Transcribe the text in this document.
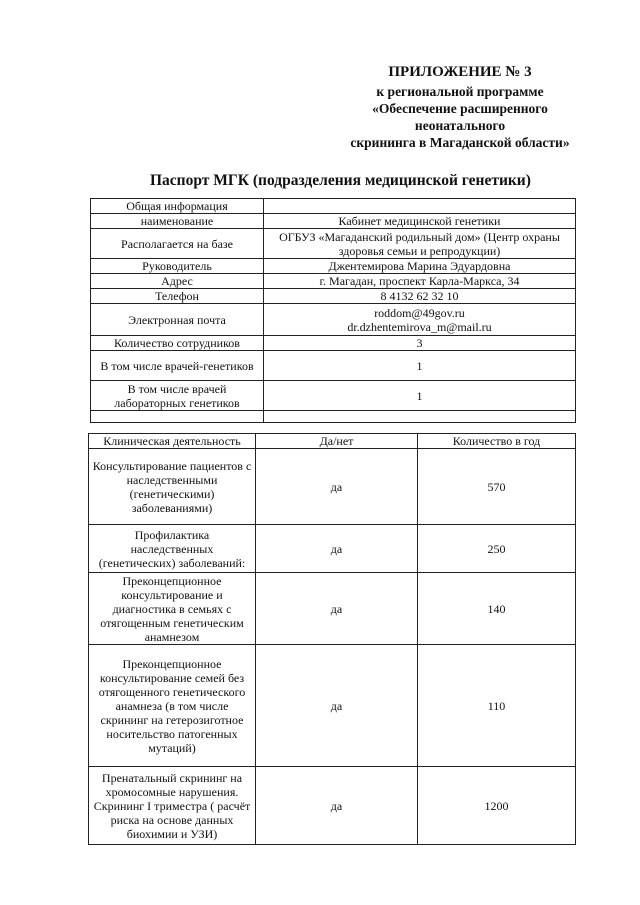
ПРИЛОЖЕНИЕ № 3
к региональной программе
«Обеспечение расширенного
неонатального
скрининга в Магаданской области»
Паспорт МГК (подразделения медицинской генетики)
Общая информация	
наименование	Кабинет медицинской генетики
Располагается на базе	ОГБУЗ «Магаданский родильный дом» (Центр охраны здоровья семьи и репродукции)
Руководитель	Джентемирова Марина Эдуардовна
Адрес	г. Магадан, проспект Карла-Маркса, 34
Телефон	8 4132 62 32 10
Электронная почта	roddom@49gov.ru
dr.dzhentemirova_m@mail.ru

Количество сотрудников	3
В том числе врачей-генетиков	1
В том числе врачей лабораторных генетиков	1

Клиническая деятельность	Да/нет	Количество в год
Консультирование пациентов с наследственными (генетическими) заболеваниями)	да	570
Профилактика наследственных (генетических) заболеваний:	да	250
Преконцепционное консультирование и диагностика в семьях с отягощенным генетическим анамнезом	да	140
Преконцепционное консультирование семей без отягощенного генетического анамнеза (в том числе скрининг на гетерозиготное носительство патогенных мутаций)	да	110
Пренатальный скрининг на хромосомные нарушения. Скрининг I триместра ( расчёт риска на основе данных биохимии и УЗИ)	да	1200
